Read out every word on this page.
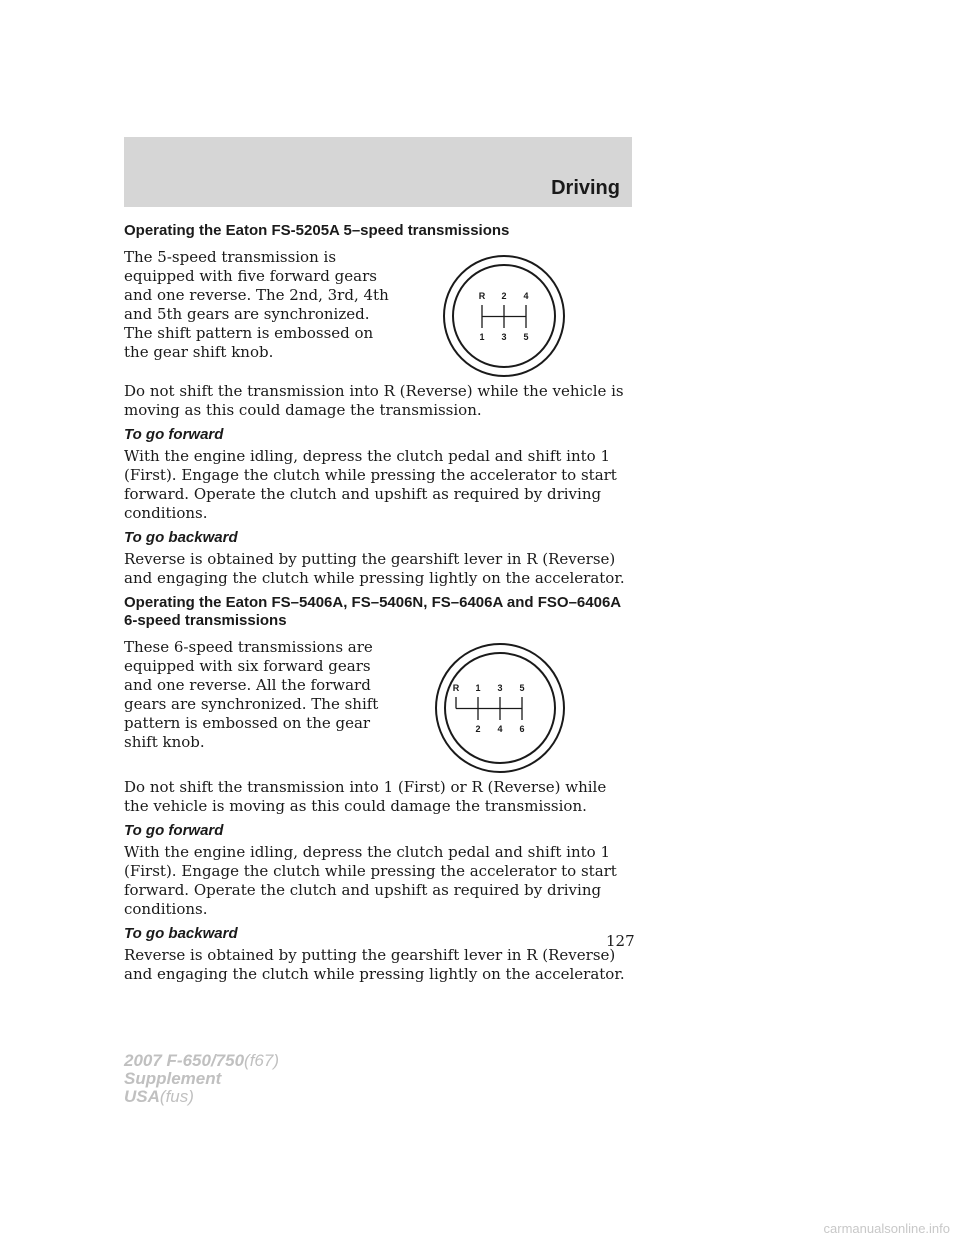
Driving
Operating the Eaton FS-5205A 5–speed transmissions

The 5-speed transmission is equipped with five forward gears and one reverse. The 2nd, 3rd, 4th and 5th gears are synchronized. The shift pattern is embossed on the gear shift knob.

R 2 4
1 3 5

Do not shift the transmission into R (Reverse) while the vehicle is moving as this could damage the transmission.

To go forward

With the engine idling, depress the clutch pedal and shift into 1 (First). Engage the clutch while pressing the accelerator to start forward. Operate the clutch and upshift as required by driving conditions.

To go backward

Reverse is obtained by putting the gearshift lever in R (Reverse) and engaging the clutch while pressing lightly on the accelerator.

Operating the Eaton FS–5406A, FS–5406N, FS–6406A and FSO–6406A 6-speed transmissions

These 6-speed transmissions are equipped with six forward gears and one reverse. All the forward gears are synchronized. The shift pattern is embossed on the gear shift knob.

R 1 3 5
2 4 6

Do not shift the transmission into 1 (First) or R (Reverse) while the vehicle is moving as this could damage the transmission.

To go forward

With the engine idling, depress the clutch pedal and shift into 1 (First). Engage the clutch while pressing the accelerator to start forward. Operate the clutch and upshift as required by driving conditions.

To go backward

Reverse is obtained by putting the gearshift lever in R (Reverse) and engaging the clutch while pressing lightly on the accelerator.

127
2007 F-650/750(f67)
Supplement
USA(fus)
carmanualsonline.info
